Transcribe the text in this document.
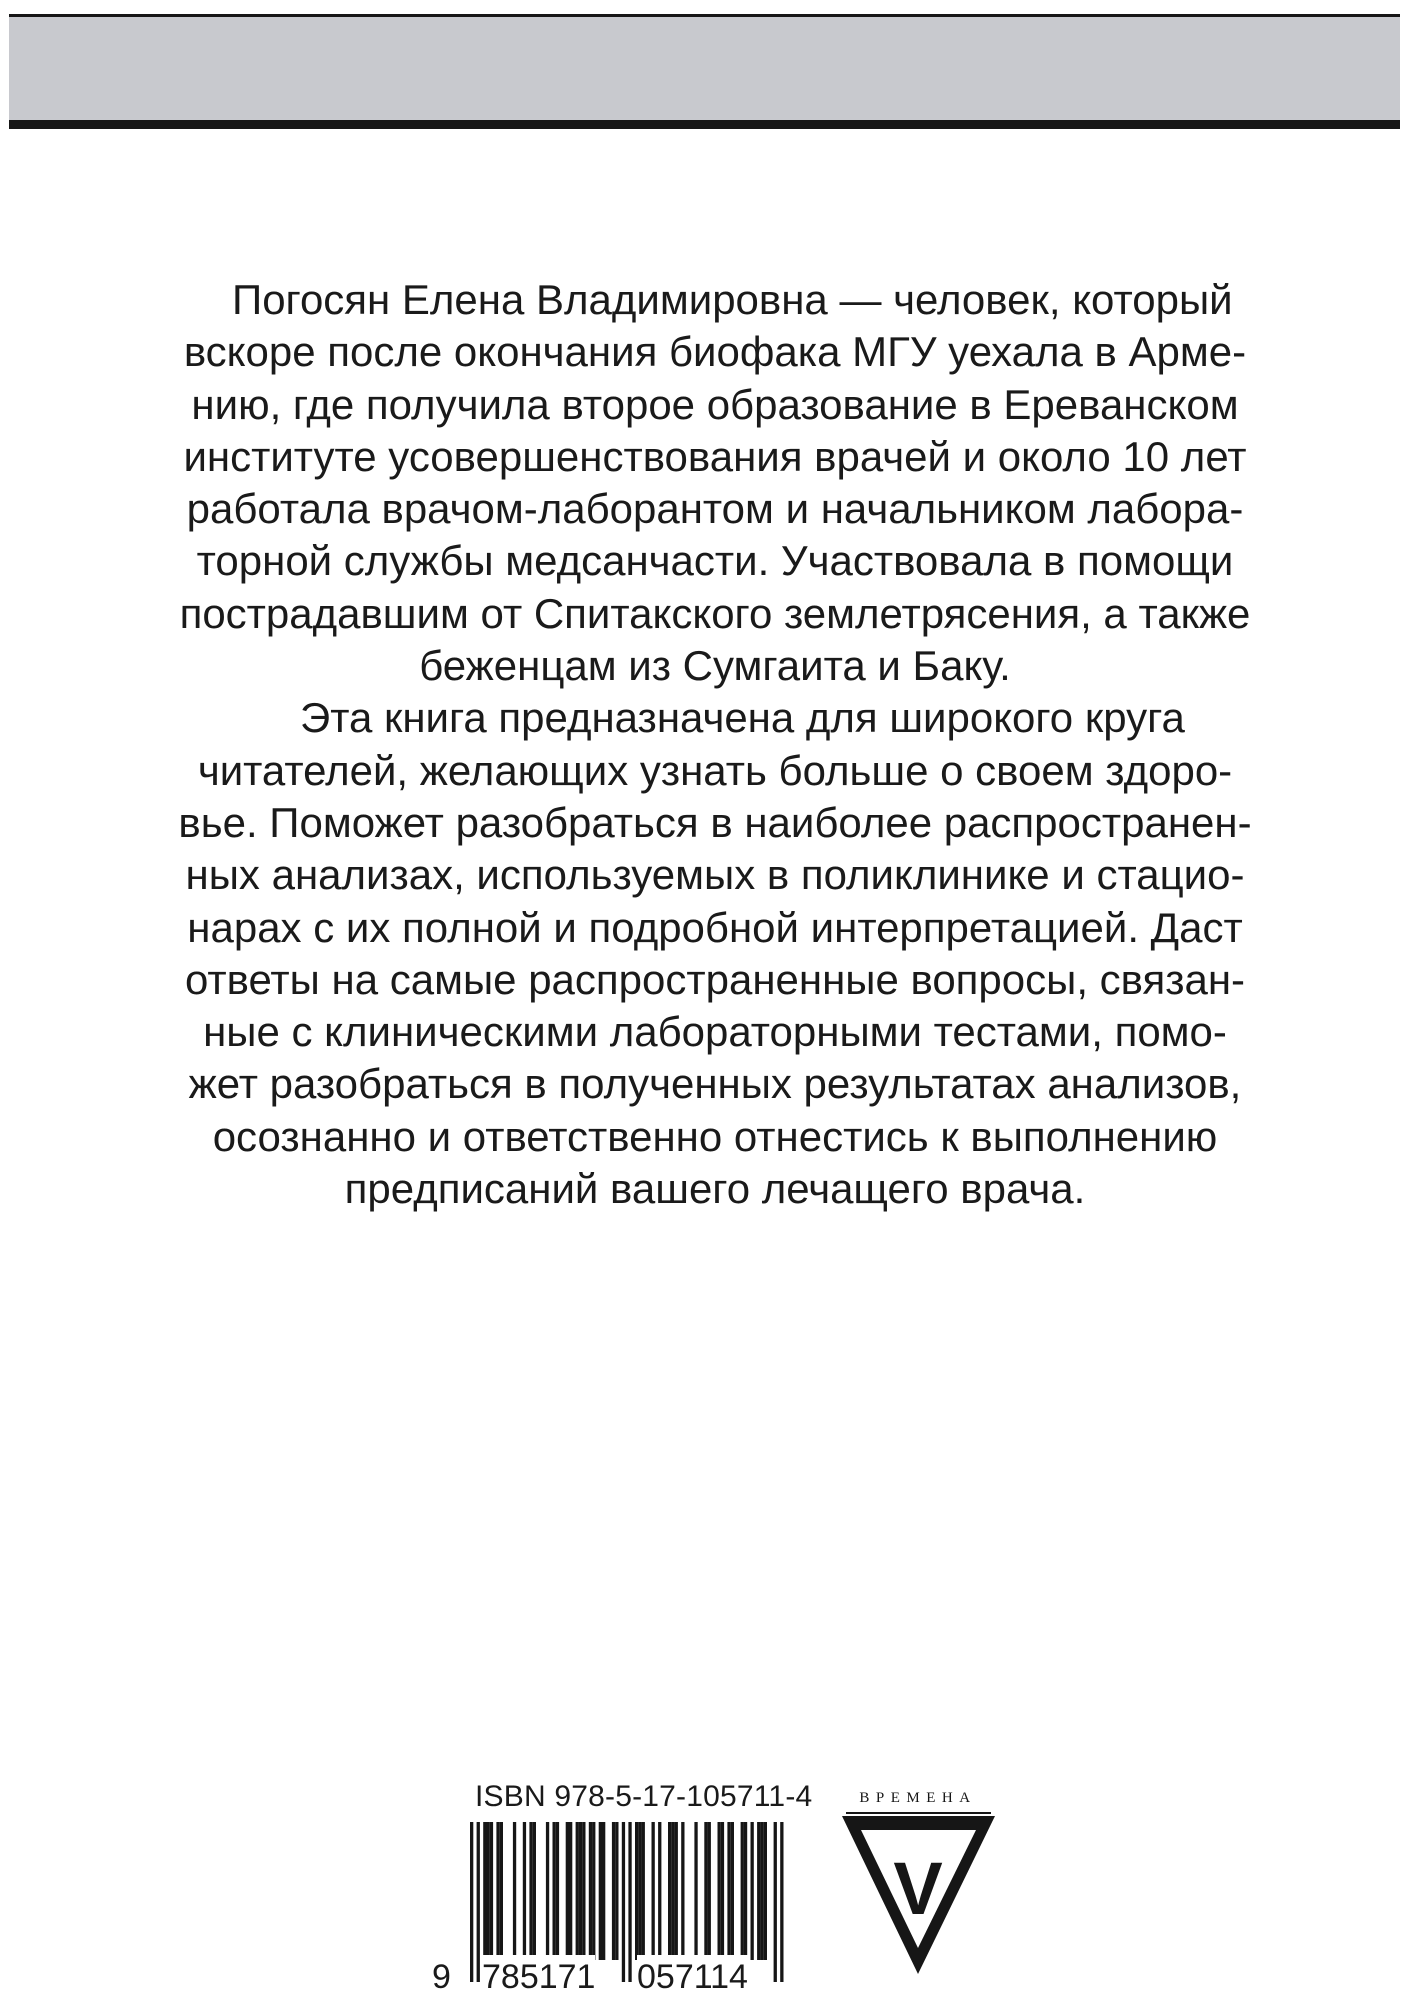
Погосян Елена Владимировна — человек, который
вскоре после окончания биофака МГУ уехала в Арме-
нию, где получила второе образование в Ереванском
институте усовершенствования врачей и около 10 лет
работала врачом-лаборантом и начальником лабора-
торной службы медсанчасти. Участвовала в помощи
пострадавшим от Спитакского землетрясения, а также
беженцам из Сумгаита и Баку.
Эта книга предназначена для широкого круга
читателей, желающих узнать больше о своем здоро-
вье. Поможет разобраться в наиболее распространен-
ных анализах, используемых в поликлинике и стацио-
нарах с их полной и подробной интерпретацией. Даст
ответы на самые распространенные вопросы, связан-
ные с клиническими лабораторными тестами, помо-
жет разобраться в полученных результатах анализов,
осознанно и ответственно отнестись к выполнению
предписаний вашего лечащего врача.
ISBN 978-5-17-105711-4
9 785171 057114
ВРЕМЕНА
V
